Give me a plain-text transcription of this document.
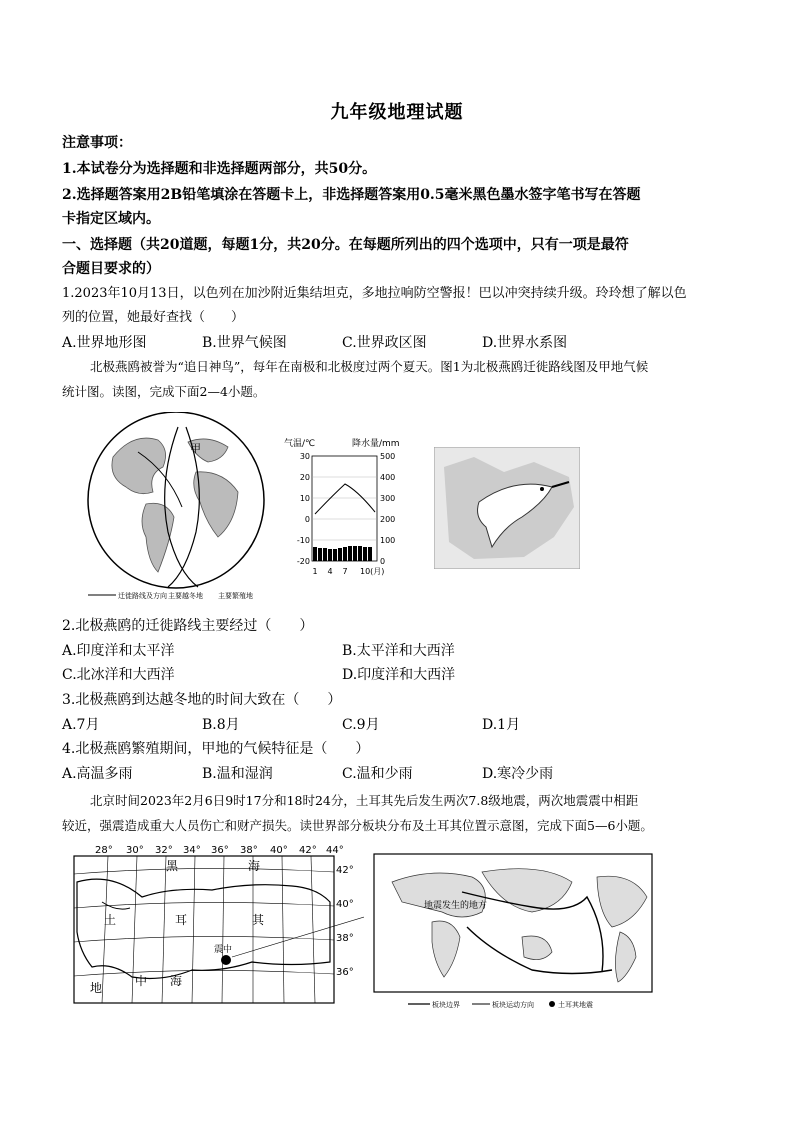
九年级地理试题
注意事项：
1.本试卷分为选择题和非选择题两部分，共50分。
2.选择题答案用2B铅笔填涂在答题卡上，非选择题答案用0.5毫米黑色墨水签字笔书写在答题
卡指定区域内。
一、选择题（共20道题，每题1分，共20分。在每题所列出的四个选项中，只有一项是最符
合题目要求的）
1.2023年10月13日，以色列在加沙附近集结坦克，多地拉响防空警报！巴以冲突持续升级。玲玲想了解以色
列的位置，她最好查找（　　）
A.世界地形图	B.世界气候图	C.世界政区图	D.世界水系图
北极燕鸥被誉为“追日神鸟”，每年在南极和北极度过两个夏天。图1为北极燕鸥迁徙路线图及甲地气候
统计图。读图，完成下面2—4小题。
甲
迁徙路线及方向 主要越冬地 主要繁殖地
气温/℃	降水量/mm
30
20
10
0
-10
-20
500
400
300
200
100
0
1 4 7 10(月)
2.北极燕鸥的迁徙路线主要经过（　　）
A.印度洋和太平洋	B.太平洋和大西洋
C.北冰洋和大西洋	D.印度洋和大西洋
3.北极燕鸥到达越冬地的时间大致在（　　）
A.7月	B.8月	C.9月	D.1月
4.北极燕鸥繁殖期间，甲地的气候特征是（　　）
A.高温多雨	B.温和湿润	C.温和少雨	D.寒冷少雨
北京时间2023年2月6日9时17分和18时24分，土耳其先后发生两次7.8级地震，两次地震震中相距
较近，强震造成重大人员伤亡和财产损失。读世界部分板块分布及土耳其位置示意图，完成下面5—6小题。
28° 30° 32° 34° 36° 38° 40° 42° 44°
42°
40°
38°
36°
黑	海
土	耳	其
地	中 海
震中
地震发生的地方
板块边界	板块运动方向	土耳其地震
